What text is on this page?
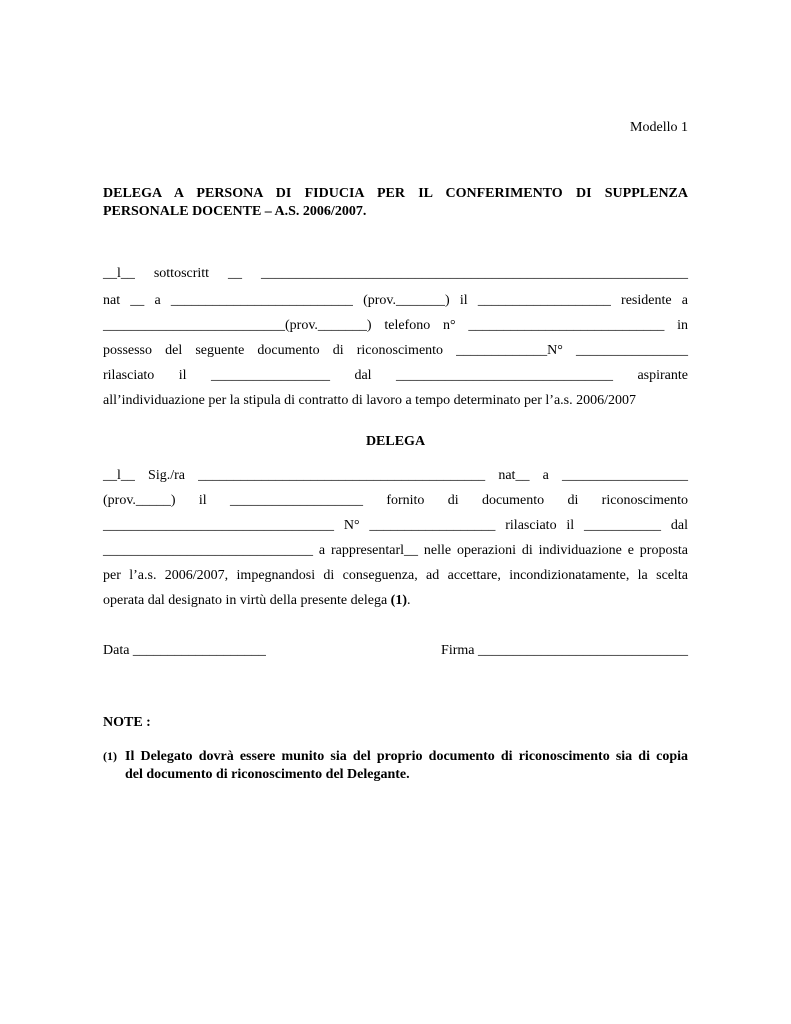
Modello 1
DELEGA A PERSONA DI FIDUCIA PER IL CONFERIMENTO DI SUPPLENZA
PERSONALE DOCENTE – A.S. 2006/2007.
__l__ sottoscritt __ _____________________________________________________________
nat __ a __________________________ (prov._______) il ___________________ residente a
__________________________(prov._______) telefono n° ____________________________ in
possesso del seguente documento di riconoscimento _____________N° ________________
rilasciato il _________________ dal _______________________________ aspirante
all’individuazione per la stipula di contratto di lavoro a tempo determinato per l’a.s. 2006/2007
DELEGA
__l__ Sig./ra _________________________________________ nat__ a __________________
(prov._____) il ___________________ fornito di documento di riconoscimento
_________________________________ N° __________________ rilasciato il ___________ dal
______________________________ a rappresentarl__ nelle operazioni di individuazione e proposta
per l’a.s. 2006/2007, impegnandosi di conseguenza, ad accettare, incondizionatamente, la scelta
operata dal designato in virtù della presente delega (1).
Data ___________________	Firma ______________________________
NOTE :
(1) Il Delegato dovrà essere munito sia del proprio documento di riconoscimento sia di copia
del documento di riconoscimento del Delegante.
